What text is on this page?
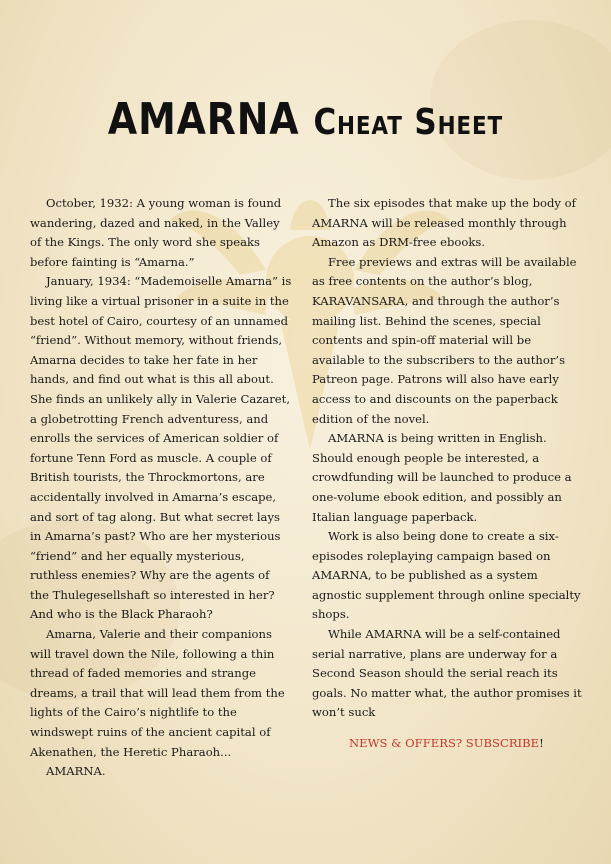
AMARNA Cheat Sheet

October, 1932: A young woman is found wandering, dazed and naked, in the Valley of the Kings. The only word she speaks before fainting is “Amarna.”

January, 1934: “Mademoiselle Amarna” is living like a virtual prisoner in a suite in the best hotel of Cairo, courtesy of an unnamed “friend”. Without memory, without friends, Amarna decides to take her fate in her hands, and find out what is this all about. She finds an unlikely ally in Valerie Cazaret, a globetrotting French adventuress, and enrolls the services of American soldier of fortune Tenn Ford as muscle. A couple of British tourists, the Throckmortons, are accidentally involved in Amarna’s escape, and sort of tag along. But what secret lays in Amarna’s past? Who are her mysterious “friend” and her equally mysterious, ruthless enemies? Why are the agents of the Thulegesellshaft so interested in her? And who is the Black Pharaoh?

Amarna, Valerie and their companions will travel down the Nile, following a thin thread of faded memories and strange dreams, a trail that will lead them from the lights of the Cairo’s nightlife to the windswept ruins of the ancient capital of Akenathen, the Heretic Pharaoh...

AMARNA.

The six episodes that make up the body of AMARNA will be released monthly through Amazon as DRM-free ebooks.

Free previews and extras will be available as free contents on the author’s blog, KARAVANSARA, and through the author’s mailing list. Behind the scenes, special contents and spin-off material will be available to the subscribers to the author’s Patreon page. Patrons will also have early access to and discounts on the paperback edition of the novel.

AMARNA is being written in English. Should enough people be interested, a crowdfunding will be launched to produce a one-volume ebook edition, and possibly an Italian language paperback.

Work is also being done to create a six-episodes roleplaying campaign based on AMARNA, to be published as a system agnostic supplement through online specialty shops.

While AMARNA will be a self-contained serial narrative, plans are underway for a Second Season should the serial reach its goals. No matter what, the author promises it won’t suck

NEWS & OFFERS? SUBSCRIBE!
